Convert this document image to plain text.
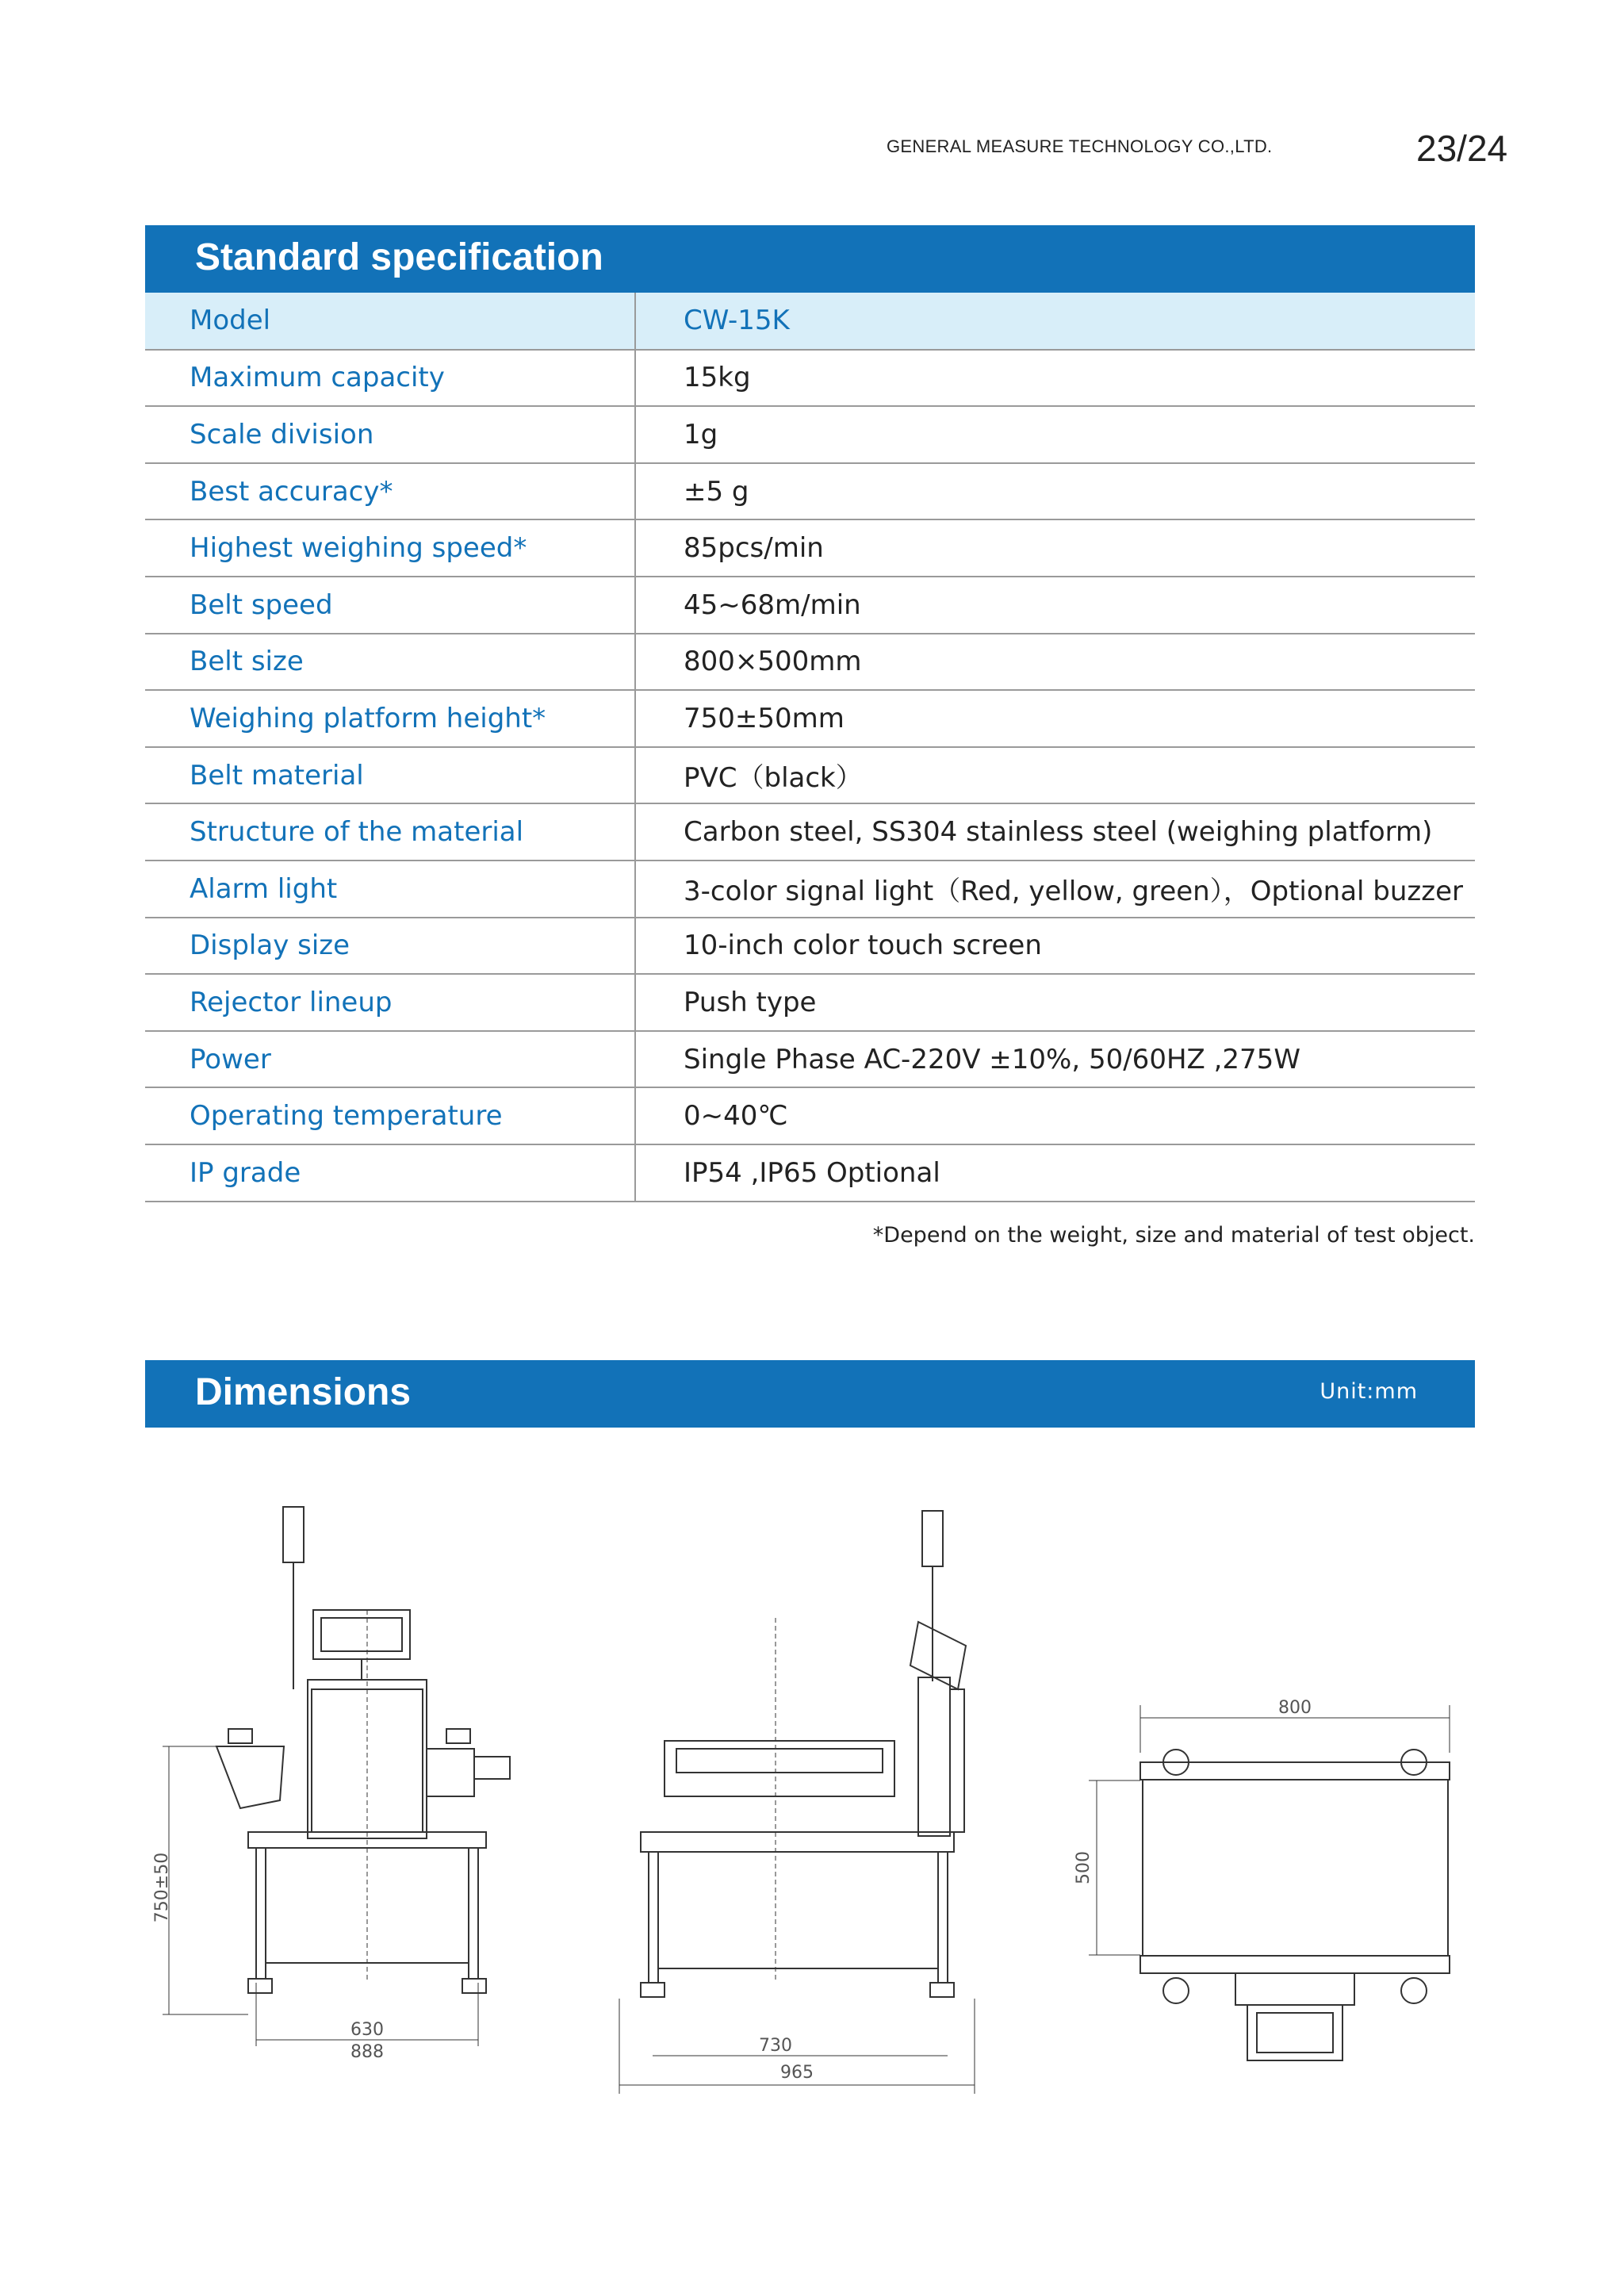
GENERAL MEASURE TECHNOLOGY CO.,LTD.	23/24
Standard specification
Model	CW-15K
Maximum capacity	15kg
Scale division	1g
Best accuracy*	±5 g
Highest weighing speed*	85pcs/min
Belt speed	45~68m/min
Belt size	800×500mm
Weighing platform height*	750±50mm
Belt material	PVC（black）
Structure of the material	Carbon steel, SS304 stainless steel (weighing platform)
Alarm light	3-color signal light（Red, yellow, green），Optional buzzer
Display size	10-inch color touch screen
Rejector lineup	Push type
Power	Single Phase AC-220V ±10%, 50/60HZ ,275W
Operating temperature	0~40℃
IP grade	IP54 ,IP65 Optional
*Depend on the weight, size and material of test object.
Dimensions	Unit:mm
630
888
750±50
730
965
800
500
